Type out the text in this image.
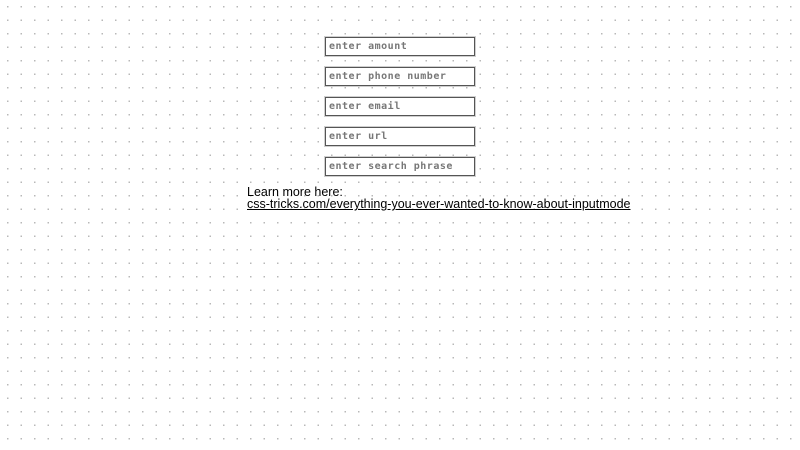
enter amount
enter phone number
enter email
enter url
enter search phrase
Learn more here:
css-tricks.com/everything-you-ever-wanted-to-know-about-inputmode
